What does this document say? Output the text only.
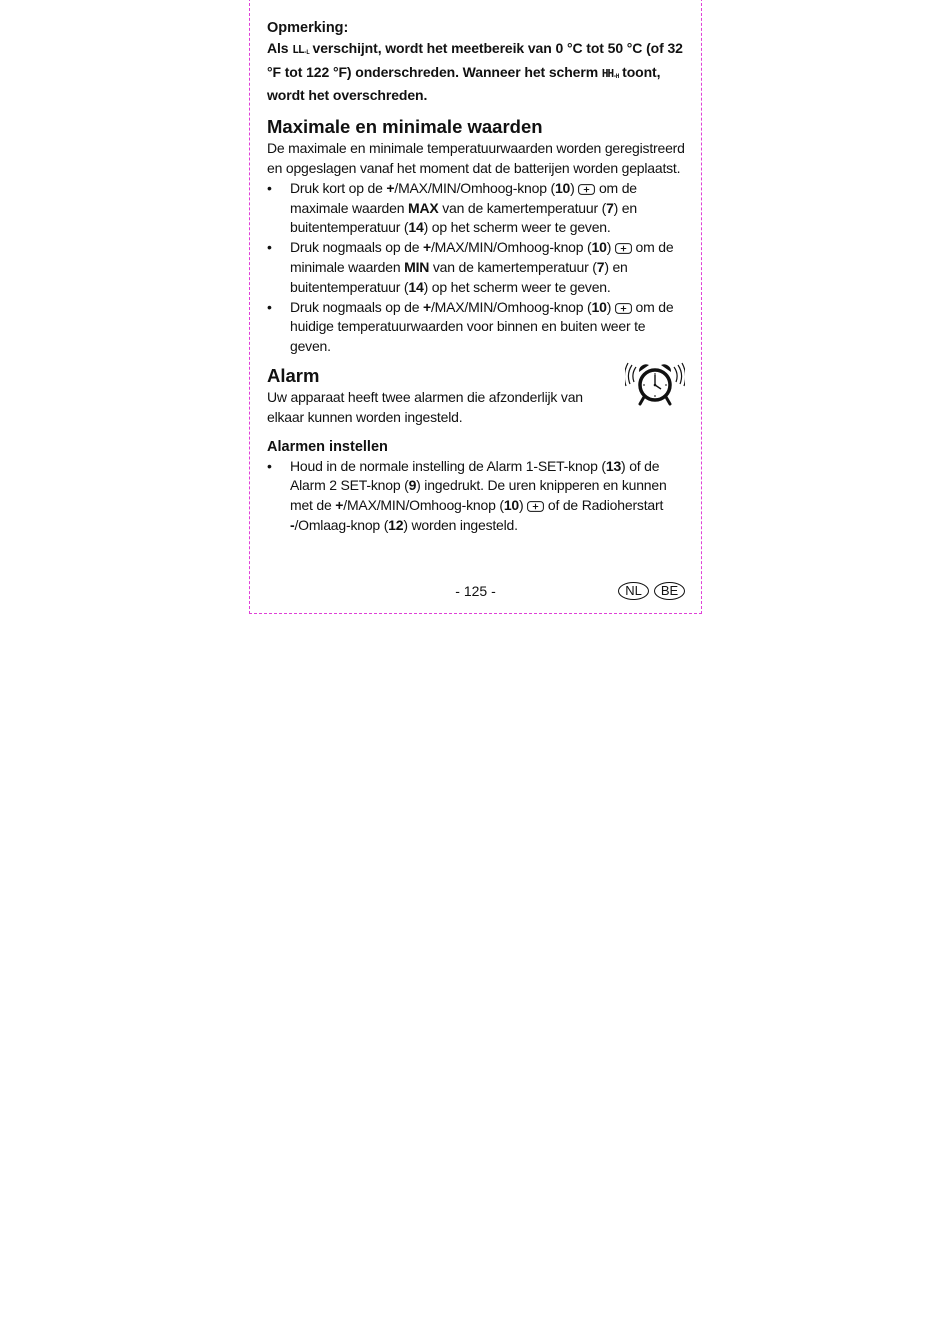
Opmerking:

Als $LL_{-L}$ verschijnt, wordt het meetbereik van 0 °C tot 50 °C (of 32 °F tot 122 °F) onderschreden. Wanneer het scherm $HH_{-H}$ toont, wordt het overschreden.

Maximale en minimale waarden

De maximale en minimale temperatuurwaarden worden geregistreerd en opgeslagen vanaf het moment dat de batterijen worden geplaatst.

• Druk kort op de +/MAX/MIN/Omhoog-knop (10)  om de maximale waarden MAX van de kamertemperatuur (7) en buitentemperatuur (14) op het scherm weer te geven.
• Druk nogmaals op de +/MAX/MIN/Omhoog-knop (10)  om de minimale waarden MIN van de kamertemperatuur (7) en buitentemperatuur (14) op het scherm weer te geven.
• Druk nogmaals op de +/MAX/MIN/Omhoog-knop (10)  om de huidige temperatuurwaarden voor binnen en buiten weer te geven.
Alarm

Uw apparaat heeft twee alarmen die afzonderlijk van elkaar kunnen worden ingesteld.

Alarmen instellen
• Houd in de normale instelling de Alarm 1-SET-knop (13) of de Alarm 2 SET-knop (9) ingedrukt. De uren knipperen en kunnen met de +/MAX/MIN/Omhoog-knop (10)  of de Radioherstart -/Omlaag-knop (12) worden ingesteld.
- 125 -	NL	BE
